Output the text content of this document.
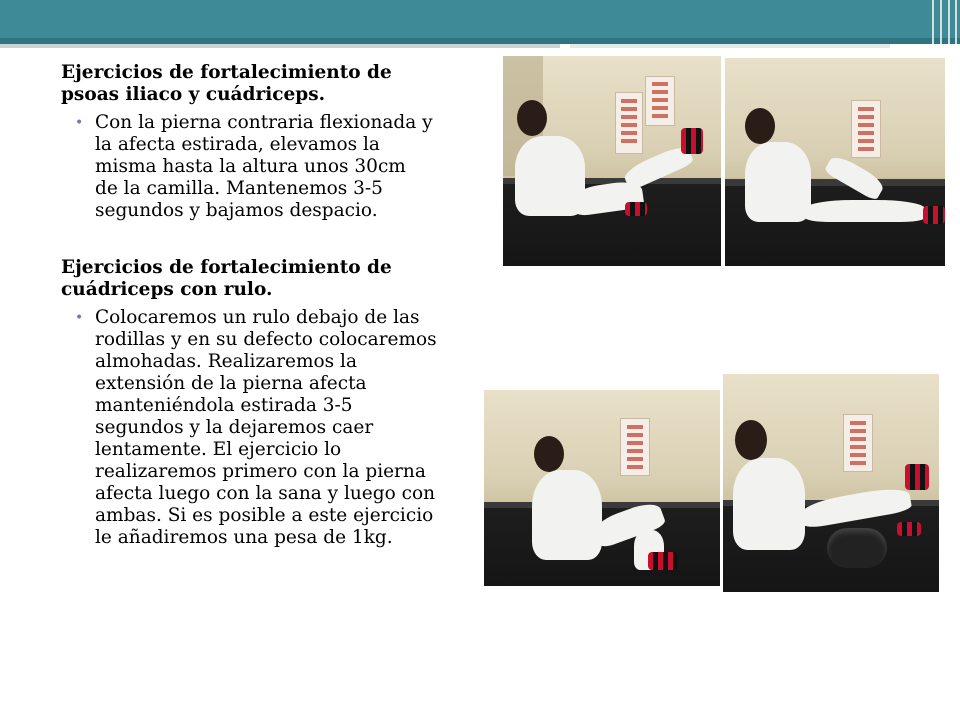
Ejercicios de fortalecimiento de
psoas iliaco y cuádriceps.
• Con la pierna contraria flexionada y
la afecta estirada, elevamos la
misma hasta la altura unos 30cm
de la camilla. Mantenemos 3-5
segundos y bajamos despacio.
Ejercicios de fortalecimiento de
cuádriceps con rulo.
• Colocaremos un rulo debajo de las
rodillas y en su defecto colocaremos
almohadas. Realizaremos la
extensión de la pierna afecta
manteniéndola estirada 3-5
segundos y la dejaremos caer
lentamente. El ejercicio lo
realizaremos primero con la pierna
afecta luego con la sana y luego con
ambas. Si es posible a este ejercicio
le añadiremos una pesa de 1kg.
